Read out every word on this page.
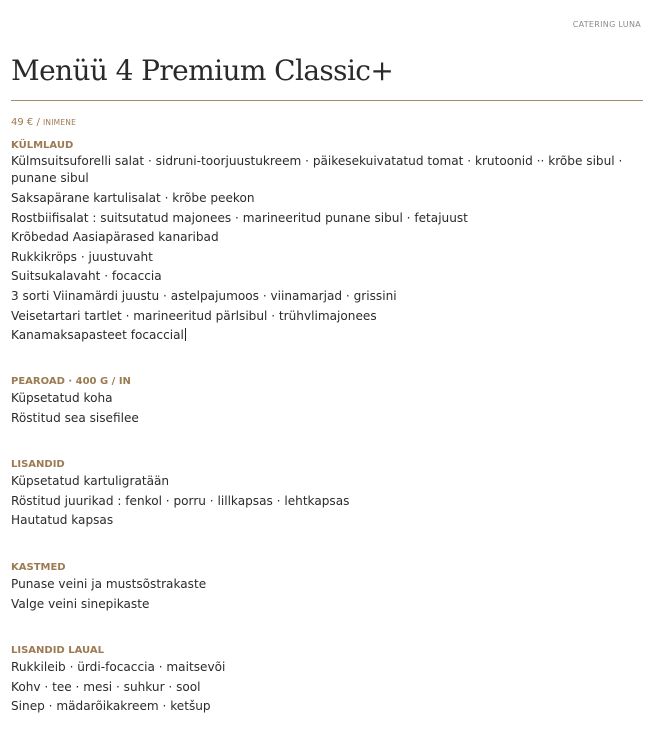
CATERING LUNA
Menüü 4 Premium Classic+
49 € / INIMENE
KÜLMLAUD
Külmsuitsuforelli salat · sidruni-toorjuustukreem · päikesekuivatatud tomat · krutoonid ·· krõbe sibul · punane sibul
Saksapärane kartulisalat · krõbe peekon
Rostbiifisalat : suitsutatud majonees · marineeritud punane sibul · fetajuust
Krõbedad Aasiapärased kanaribad
Rukkikröps · juustuvaht
Suitsukalavaht · focaccia
3 sorti Viinamärdi juustu · astelpajumoos · viinamarjad · grissini
Veisetartari tartlet · marineeritud pärlsibul · trühvlimajonees
Kanamaksapasteet focaccial
PEAROAD · 400 G / IN
Küpsetatud koha
Röstitud sea sisefilee
LISANDID
Küpsetatud kartuligratään
Röstitud juurikad : fenkol · porru · lillkapsas · lehtkapsas
Hautatud kapsas
KASTMED
Punase veini ja mustsõstrakaste
Valge veini sinepikaste
LISANDID LAUAL
Rukkileib · ürdi-focaccia · maitsevõi
Kohv · tee · mesi · suhkur · sool
Sinep · mädarõikakreem · ketšup
